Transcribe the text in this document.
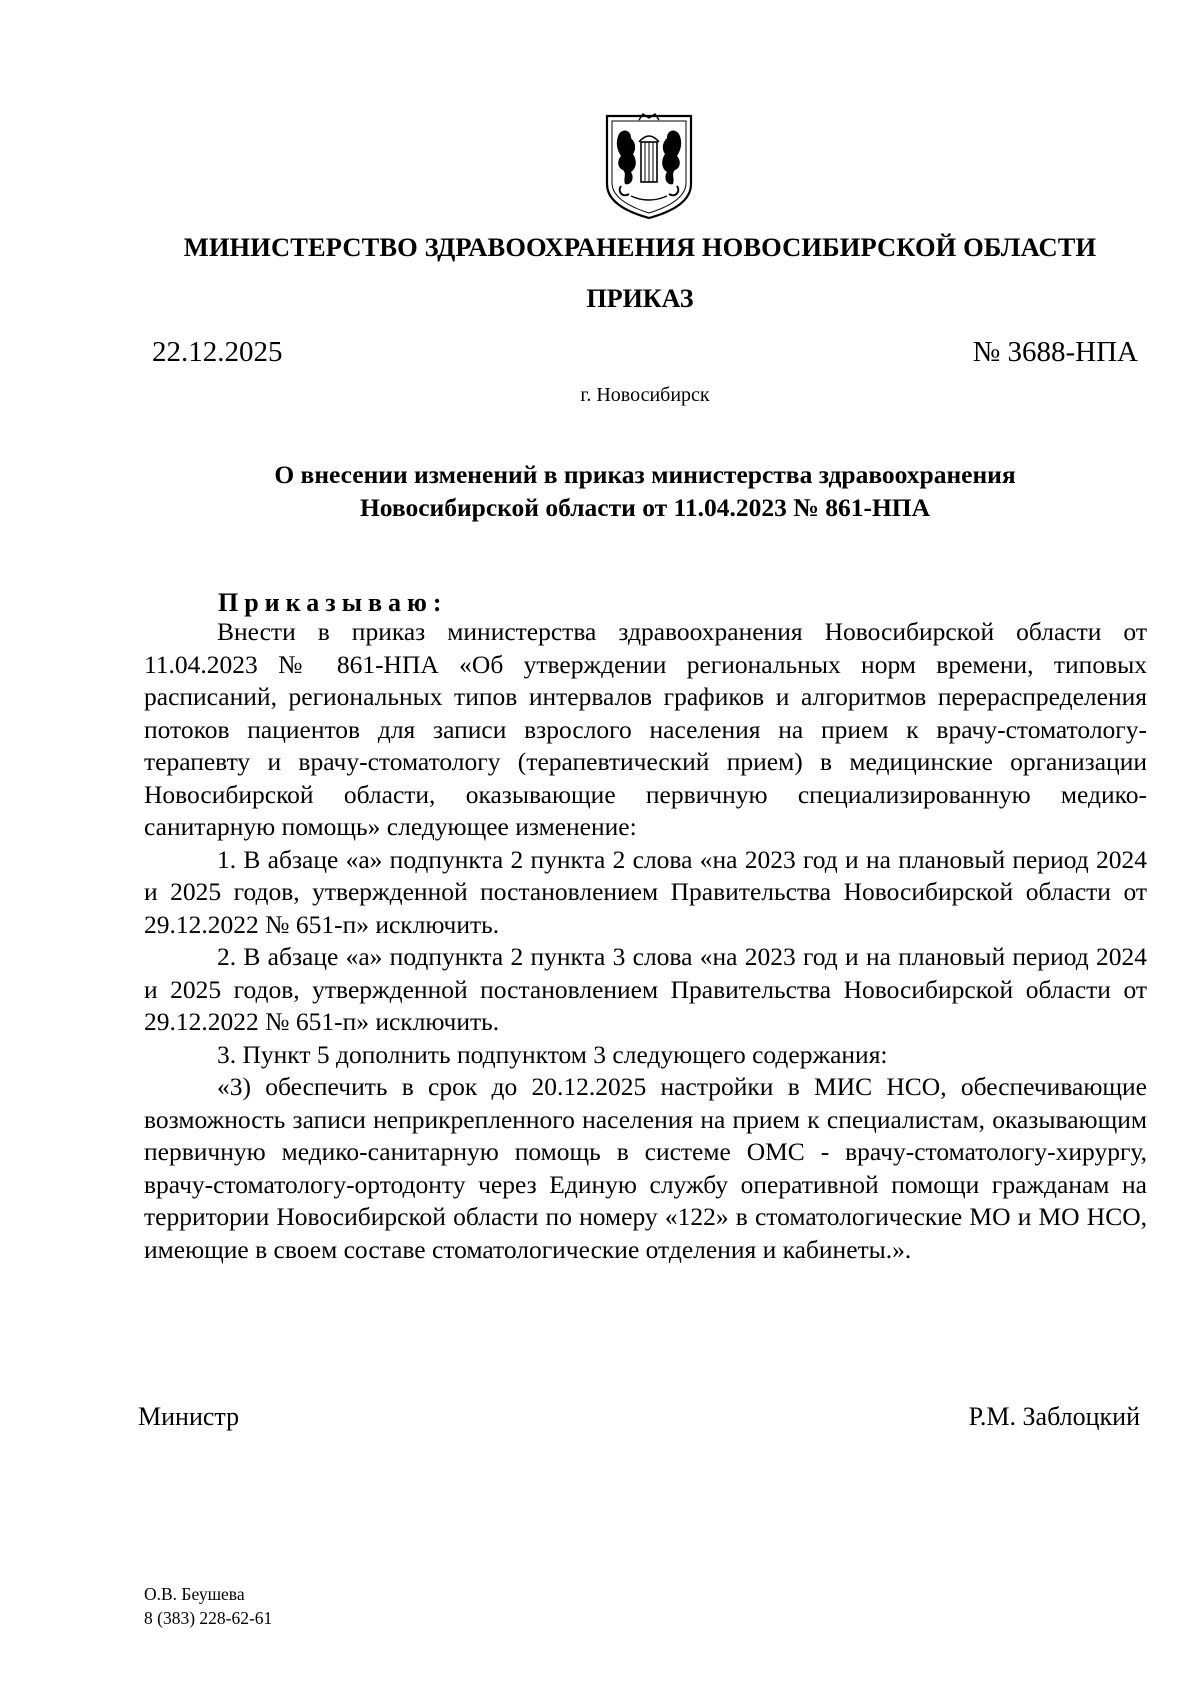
МИНИСТЕРСТВО ЗДРАВООХРАНЕНИЯ НОВОСИБИРСКОЙ ОБЛАСТИ
ПРИКАЗ
22.12.2025	№ 3688-НПА
г. Новосибирск
О внесении изменений в приказ министерства здравоохранения
Новосибирской области от 11.04.2023 № 861-НПА
Приказываю:

Внести в приказ министерства здравоохранения Новосибирской области от 11.04.2023 № 861-НПА «Об утверждении региональных норм времени, типовых расписаний, региональных типов интервалов графиков и алгоритмов перераспределения потоков пациентов для записи взрослого населения на прием к врачу-стоматологу-терапевту и врачу-стоматологу (терапевтический прием) в медицинские организации Новосибирской области, оказывающие первичную специализированную медико-санитарную помощь» следующее изменение:

1. В абзаце «а» подпункта 2 пункта 2 слова «на 2023 год и на плановый период 2024 и 2025 годов, утвержденной постановлением Правительства Новосибирской области от 29.12.2022 № 651-п» исключить.

2. В абзаце «а» подпункта 2 пункта 3 слова «на 2023 год и на плановый период 2024 и 2025 годов, утвержденной постановлением Правительства Новосибирской области от 29.12.2022 № 651-п» исключить.

3. Пункт 5 дополнить подпунктом 3 следующего содержания:

«3) обеспечить в срок до 20.12.2025 настройки в МИС НСО, обеспечивающие возможность записи неприкрепленного населения на прием к специалистам, оказывающим первичную медико-санитарную помощь в системе ОМС - врачу-стоматологу-хирургу, врачу-стоматологу-ортодонту через Единую службу оперативной помощи гражданам на территории Новосибирской области по номеру «122» в стоматологические МО и МО НСО, имеющие в своем составе стоматологические отделения и кабинеты.».

Министр	Р.М. Заблоцкий
О.В. Беушева
8 (383) 228-62-61
